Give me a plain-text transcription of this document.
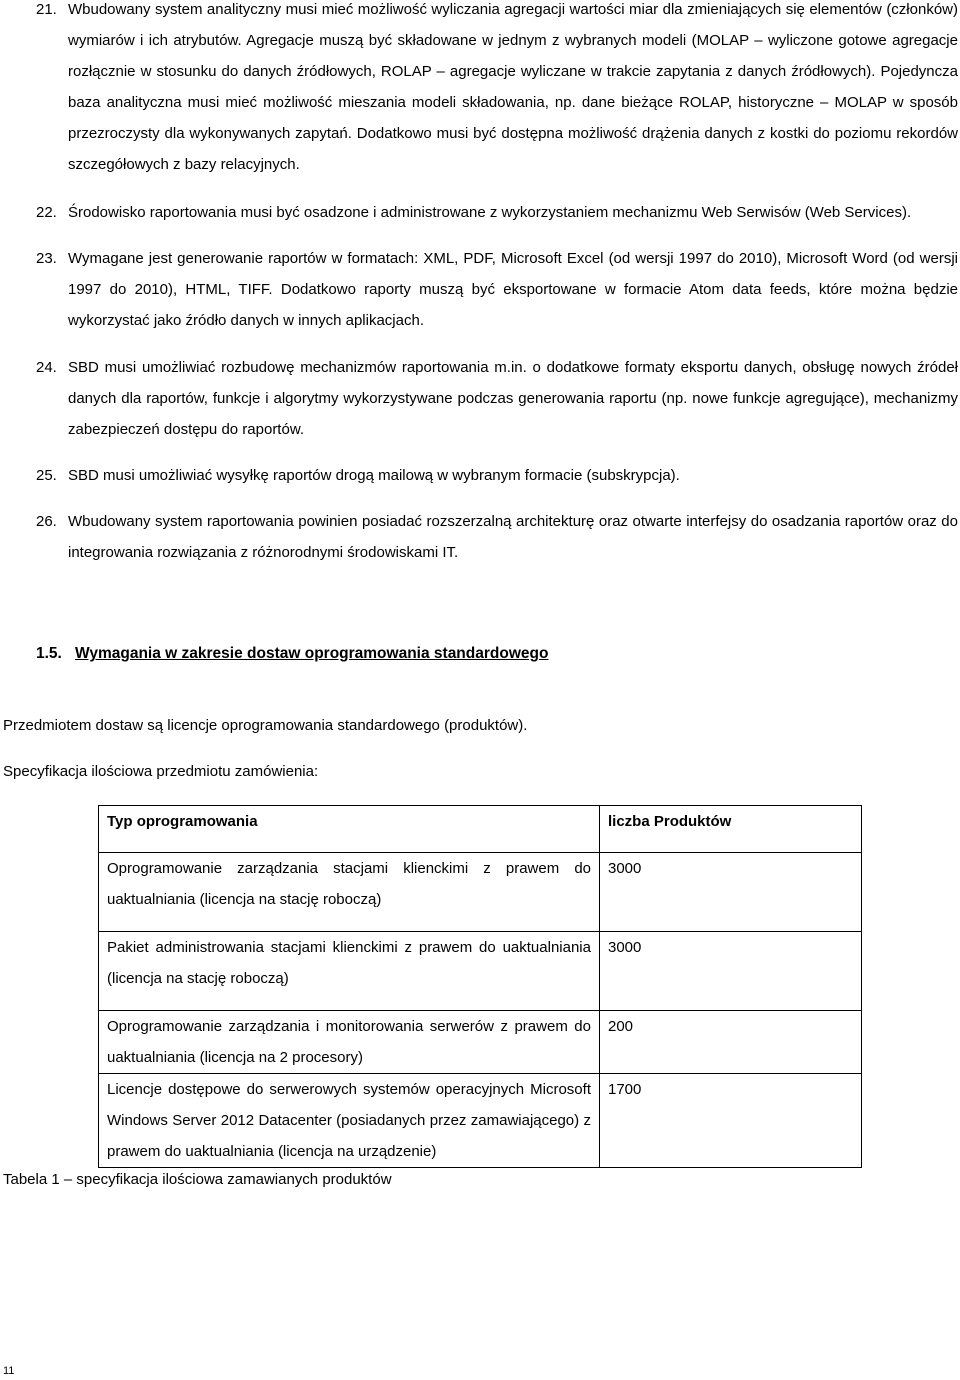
21. Wbudowany system analityczny musi mieć możliwość wyliczania agregacji wartości miar dla zmieniających się elementów (członków) wymiarów i ich atrybutów. Agregacje muszą być składowane w jednym z wybranych modeli (MOLAP – wyliczone gotowe agregacje rozłącznie w stosunku do danych źródłowych, ROLAP – agregacje wyliczane w trakcie zapytania z danych źródłowych). Pojedyncza baza analityczna musi mieć możliwość mieszania modeli składowania, np. dane bieżące ROLAP, historyczne – MOLAP w sposób przezroczysty dla wykonywanych zapytań. Dodatkowo musi być dostępna możliwość drążenia danych z kostki do poziomu rekordów szczegółowych z bazy relacyjnych.
22. Środowisko raportowania musi być osadzone i administrowane z wykorzystaniem mechanizmu Web Serwisów (Web Services).
23. Wymagane jest generowanie raportów w formatach: XML, PDF, Microsoft Excel (od wersji 1997 do 2010), Microsoft Word (od wersji 1997 do 2010), HTML, TIFF. Dodatkowo raporty muszą być eksportowane w formacie Atom data feeds, które można będzie wykorzystać jako źródło danych w innych aplikacjach.
24. SBD musi umożliwiać rozbudowę mechanizmów raportowania m.in. o dodatkowe formaty eksportu danych, obsługę nowych źródeł danych dla raportów, funkcje i algorytmy wykorzystywane podczas generowania raportu (np. nowe funkcje agregujące), mechanizmy zabezpieczeń dostępu do raportów.
25. SBD musi umożliwiać wysyłkę raportów drogą mailową w wybranym formacie (subskrypcja).
26. Wbudowany system raportowania powinien posiadać rozszerzalną architekturę oraz otwarte interfejsy do osadzania raportów oraz do integrowania rozwiązania z różnorodnymi środowiskami IT.
1.5. Wymagania w zakresie dostaw oprogramowania standardowego
Przedmiotem dostaw są licencje oprogramowania standardowego (produktów).
Specyfikacja ilościowa przedmiotu zamówienia:
Typ oprogramowania	liczba Produktów
Oprogramowanie zarządzania stacjami klienckimi z prawem do uaktualniania (licencja na stację roboczą)	3000
Pakiet administrowania stacjami klienckimi z prawem do uaktualniania (licencja na stację roboczą)	3000
Oprogramowanie zarządzania i monitorowania serwerów z prawem do uaktualniania (licencja na 2 procesory)	200
Licencje dostępowe do serwerowych systemów operacyjnych Microsoft Windows Server 2012 Datacenter (posiadanych przez zamawiającego) z prawem do uaktualniania (licencja na urządzenie)	1700
Tabela 1 – specyfikacja ilościowa zamawianych produktów
11
